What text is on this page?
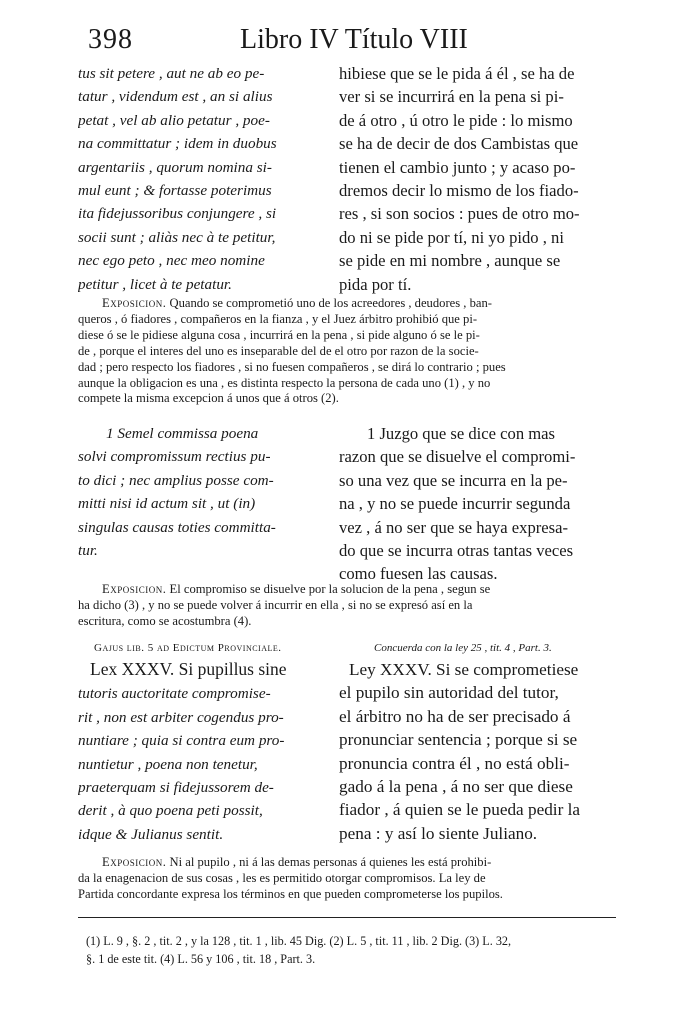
398	Libro IV Título VIII
tus sit petere , aut ne ab eo pe-
tatur , videndum est , an si alius
petat , vel ab alio petatur , poe-
na committatur ; idem in duobus
argentariis , quorum nomina si-
mul eunt ; & fortasse poterimus
ita fidejussoribus conjungere , si
socii sunt ; aliàs nec à te petitur,
nec ego peto , nec meo nomine
petitur , licet à te petatur.
hibiese que se le pida á él , se ha de
ver si se incurrirá en la pena si pi-
de á otro , ú otro le pide : lo mismo
se ha de decir de dos Cambistas que
tienen el cambio junto ; y acaso po-
dremos decir lo mismo de los fiado-
res , si son socios : pues de otro mo-
do ni se pide por tí, ni yo pido , ni
se pide en mi nombre , aunque se
pida por tí.
Exposicion. Quando se comprometió uno de los acreedores , deudores , ban-
queros , ó fiadores , compañeros en la fianza , y el Juez árbitro prohibió que pi-
diese ó se le pidiese alguna cosa , incurrirá en la pena , si pide alguno ó se le pi-
de , porque el interes del uno es inseparable del de el otro por razon de la socie-
dad ; pero respecto los fiadores , si no fuesen compañeros , se dirá lo contrario ; pues
aunque la obligacion es una , es distinta respecto la persona de cada uno (1) , y no
compete la misma excepcion á unos que á otros (2).
1 Semel commissa poena
solvi compromissum rectius pu-
to dici ; nec amplius posse com-
mitti nisi id actum sit , ut (in)
singulas causas toties committa-
tur.
1 Juzgo que se dice con mas
razon que se disuelve el compromi-
so una vez que se incurra en la pe-
na , y no se puede incurrir segunda
vez , á no ser que se haya expresa-
do que se incurra otras tantas veces
como fuesen las causas.
Exposicion. El compromiso se disuelve por la solucion de la pena , segun se
ha dicho (3) , y no se puede volver á incurrir en ella , si no se expresó así en la
escritura, como se acostumbra (4).
Gajus lib. 5 ad Edictum Provinciale.	Concuerda con la ley 25 , tit. 4 , Part. 3.
Lex XXXV. Si pupillus sine
tutoris auctoritate compromise-
rit , non est arbiter cogendus pro-
nuntiare ; quia si contra eum pro-
nuntietur , poena non tenetur,
praeterquam si fidejussorem de-
derit , à quo poena peti possit,
idque & Julianus sentit.
Ley XXXV. Si se comprometiese
el pupilo sin autoridad del tutor,
el árbitro no ha de ser precisado á
pronunciar sentencia ; porque si se
pronuncia contra él , no está obli-
gado á la pena , á no ser que diese
fiador , á quien se le pueda pedir la
pena : y así lo siente Juliano.
Exposicion. Ni al pupilo , ni á las demas personas á quienes les está prohibi-
da la enagenacion de sus cosas , les es permitido otorgar compromisos. La ley de
Partida concordante expresa los términos en que pueden comprometerse los pupilos.
(1) L. 9 , §. 2 , tit. 2 , y la 128 , tit. 1 , lib. 45 Dig. (2) L. 5 , tit. 11 , lib. 2 Dig. (3) L. 32,
§. 1 de este tit. (4) L. 56 y 106 , tit. 18 , Part. 3.
